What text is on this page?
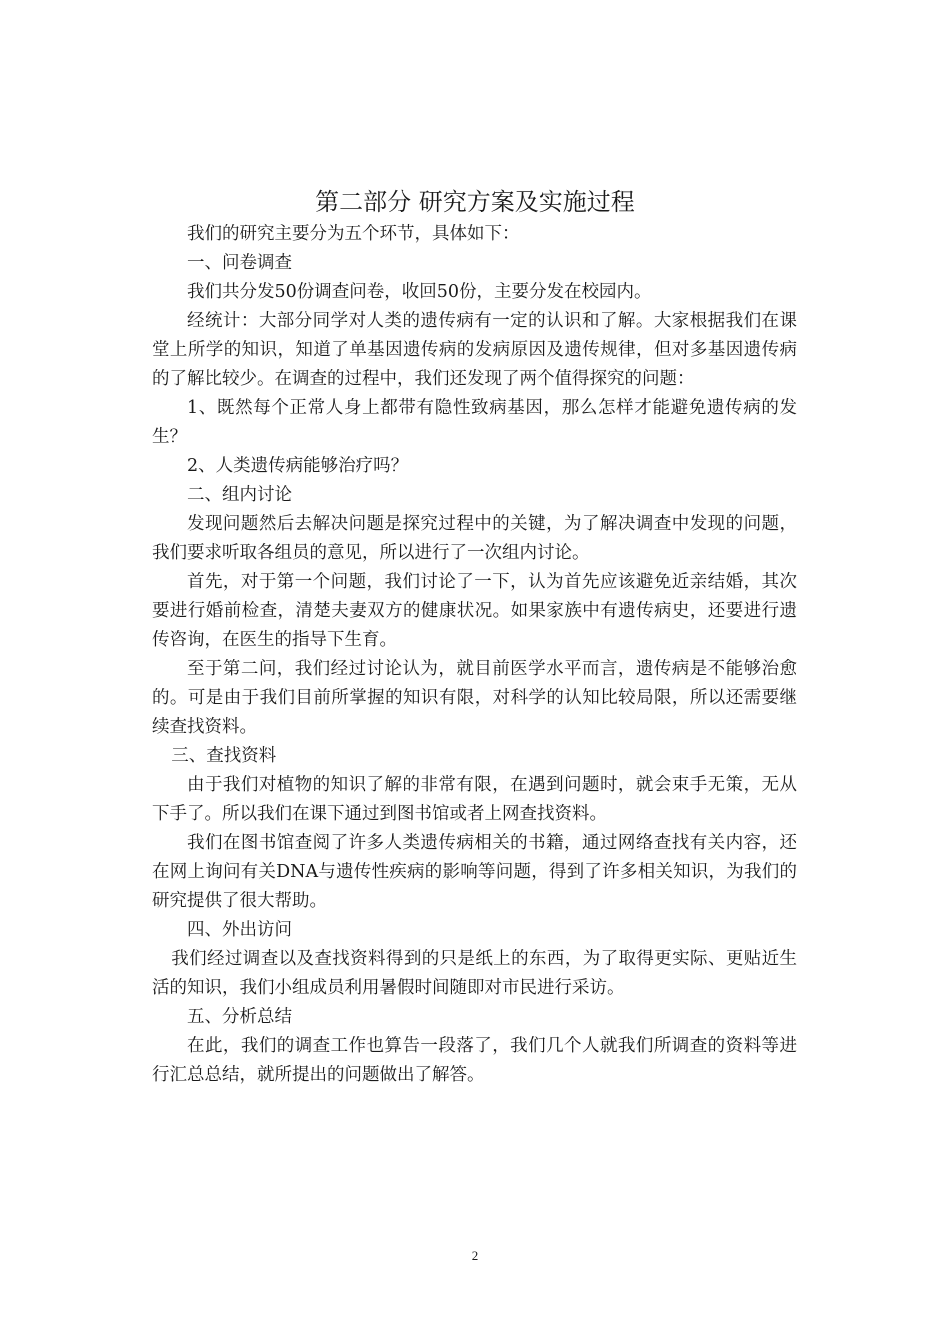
第二部分 研究方案及实施过程

我们的研究主要分为五个环节，具体如下：

一、问卷调查

我们共分发50份调查问卷，收回50份，主要分发在校园内。

经统计：大部分同学对人类的遗传病有一定的认识和了解。大家根据我们在课堂上所学的知识，知道了单基因遗传病的发病原因及遗传规律，但对多基因遗传病的了解比较少。在调查的过程中，我们还发现了两个值得探究的问题：

1、既然每个正常人身上都带有隐性致病基因，那么怎样才能避免遗传病的发生？

2、人类遗传病能够治疗吗？

二、组内讨论

发现问题然后去解决问题是探究过程中的关键，为了解决调查中发现的问题，我们要求听取各组员的意见，所以进行了一次组内讨论。

首先，对于第一个问题，我们讨论了一下，认为首先应该避免近亲结婚，其次要进行婚前检查，清楚夫妻双方的健康状况。如果家族中有遗传病史，还要进行遗传咨询，在医生的指导下生育。

至于第二问，我们经过讨论认为，就目前医学水平而言，遗传病是不能够治愈的。可是由于我们目前所掌握的知识有限，对科学的认知比较局限，所以还需要继续查找资料。

三、查找资料

由于我们对植物的知识了解的非常有限，在遇到问题时，就会束手无策，无从下手了。所以我们在课下通过到图书馆或者上网查找资料。

我们在图书馆查阅了许多人类遗传病相关的书籍，通过网络查找有关内容，还在网上询问有关DNA与遗传性疾病的影响等问题，得到了许多相关知识，为我们的研究提供了很大帮助。

四、外出访问

我们经过调查以及查找资料得到的只是纸上的东西，为了取得更实际、更贴近生活的知识，我们小组成员利用暑假时间随即对市民进行采访。

五、分析总结

在此，我们的调查工作也算告一段落了，我们几个人就我们所调查的资料等进行汇总总结，就所提出的问题做出了解答。

2
